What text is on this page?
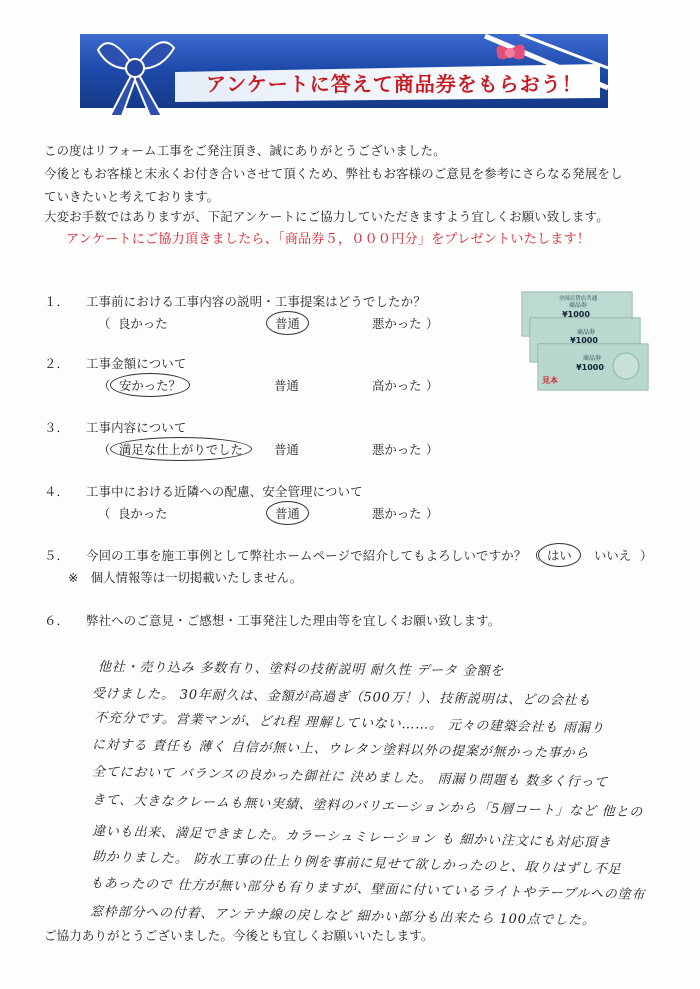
アンケートに答えて商品券をもらおう！
この度はリフォーム工事をご発注頂き、誠にありがとうございました。
今後ともお客様と末永くお付き合いさせて頂くため、弊社もお客様のご意見を参考にさらなる発展をし
ていきたいと考えております。
大変お手数ではありますが、下記アンケートにご協力していただきますよう宜しくお願い致します。
アンケートにご協力頂きましたら、「商品券５，０００円分」をプレゼントいたします！
全国百貨店共通
商品券
¥1000
商品券
¥1000
商品券
¥1000
見本
１． 工事前における工事内容の説明・工事提案はどうでしたか？
（ 良かった	普通	悪かった ）
２． 工事金額について
（ 安かった？	普通	高かった ）
３． 工事内容について
（ 満足な仕上がりでした	普通	悪かった ）
４． 工事中における近隣への配慮、安全管理について
（ 良かった	普通	悪かった ）
５． 今回の工事を施工事例として弊社ホームページで紹介してもよろしいですか？ （ はい	いいえ ）
※　個人情報等は一切掲載いたしません。
６． 弊社へのご意見・ご感想・工事発注した理由等を宜しくお願い致します。
他社・売り込み 多数有り、塗料の技術説明 耐久性 データ 金額を
受けました。 30年耐久は、金額が高過ぎ（500万！）、技術説明は、どの会社も
不充分です。営業マンが、どれ程 理解していない……。 元々の建築会社も 雨漏り
に対する 責任も 薄く 自信が無い上、ウレタン塗料以外の提案が無かった事から
全てにおいて バランスの良かった御社に 決めました。 雨漏り問題も 数多く行って
きて、大きなクレームも無い実績、塗料のバリエーションから「5層コート」など 他との
違いも出来、満足できました。カラーシュミレーション も 細かい注文にも対応頂き
助かりました。 防水工事の仕上り例を事前に見せて欲しかったのと、取りはずし不足
もあったので 仕方が無い部分も有りますが、壁面に付いているライトやテーブルへの塗布
窓枠部分への付着、アンテナ線の戻しなど 細かい部分も出来たら 100点でした。
ご協力ありがとうございました。今後とも宜しくお願いいたします。
